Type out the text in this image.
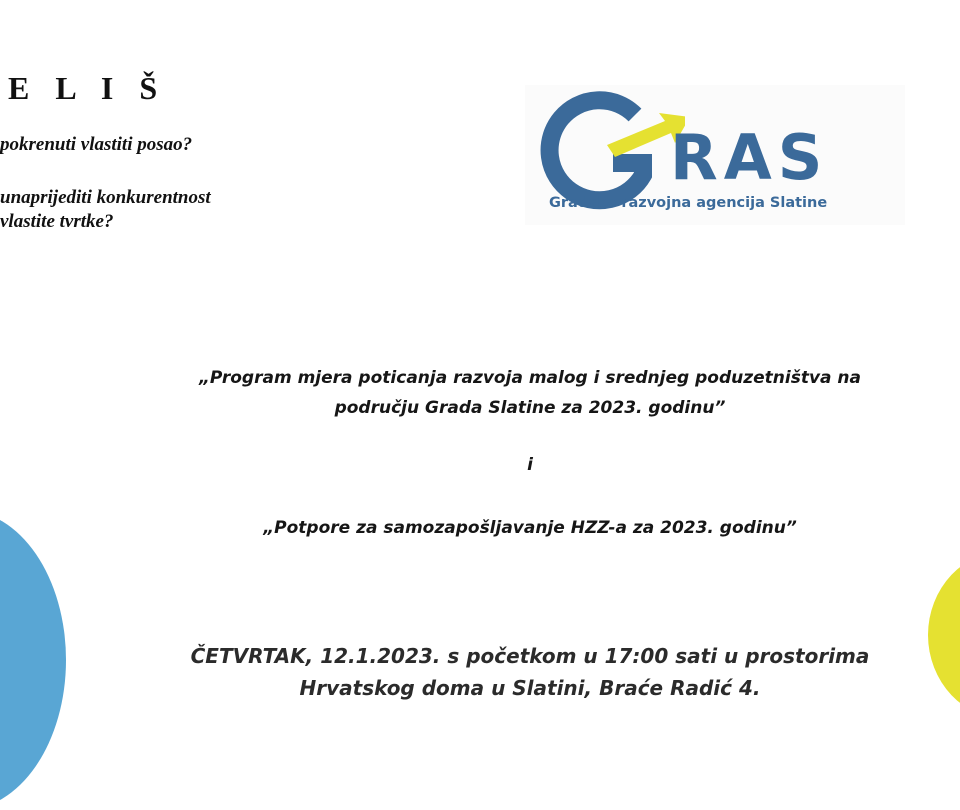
E L I Š
pokrenuti vlastiti posao?
unaprijediti konkurentnost
vlastite tvrtke?
RAS
Gradska razvojna agencija Slatine
„Program mjera poticanja razvoja malog i srednjeg poduzetništva na
području Grada Slatine za 2023. godinu”
i
„Potpore za samozapošljavanje HZZ-a za 2023. godinu”
ČETVRTAK, 12.1.2023. s početkom u 17:00 sati u prostorima
Hrvatskog doma u Slatini, Braće Radić 4.
